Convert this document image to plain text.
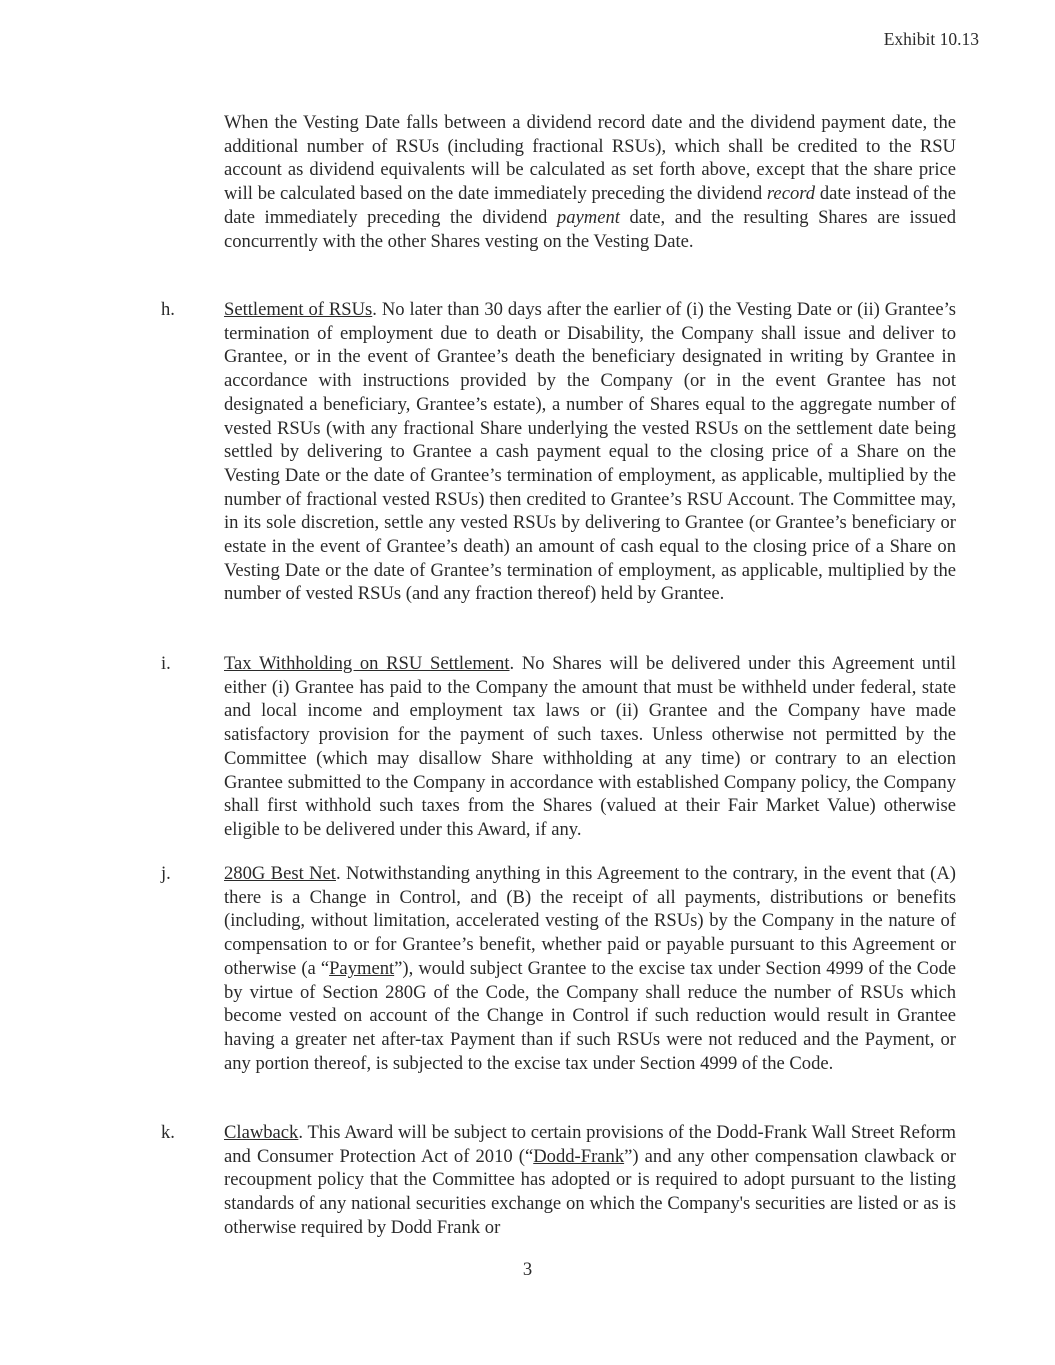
Exhibit 10.13

When the Vesting Date falls between a dividend record date and the dividend payment date, the additional number of RSUs (including fractional RSUs), which shall be credited to the RSU account as dividend equivalents will be calculated as set forth above, except that the share price will be calculated based on the date immediately preceding the dividend record date instead of the date immediately preceding the dividend payment date, and the resulting Shares are issued concurrently with the other Shares vesting on the Vesting Date.

h.	Settlement of RSUs. No later than 30 days after the earlier of (i) the Vesting Date or (ii) Grantee’s termination of employment due to death or Disability, the Company shall issue and deliver to Grantee, or in the event of Grantee’s death the beneficiary designated in writing by Grantee in accordance with instructions provided by the Company (or in the event Grantee has not designated a beneficiary, Grantee’s estate), a number of Shares equal to the aggregate number of vested RSUs (with any fractional Share underlying the vested RSUs on the settlement date being settled by delivering to Grantee a cash payment equal to the closing price of a Share on the Vesting Date or the date of Grantee’s termination of employment, as applicable, multiplied by the number of fractional vested RSUs) then credited to Grantee’s RSU Account. The Committee may, in its sole discretion, settle any vested RSUs by delivering to Grantee (or Grantee’s beneficiary or estate in the event of Grantee’s death) an amount of cash equal to the closing price of a Share on Vesting Date or the date of Grantee’s termination of employment, as applicable, multiplied by the number of vested RSUs (and any fraction thereof) held by Grantee.

i.	Tax Withholding on RSU Settlement. No Shares will be delivered under this Agreement until either (i) Grantee has paid to the Company the amount that must be withheld under federal, state and local income and employment tax laws or (ii) Grantee and the Company have made satisfactory provision for the payment of such taxes. Unless otherwise not permitted by the Committee (which may disallow Share withholding at any time) or contrary to an election Grantee submitted to the Company in accordance with established Company policy, the Company shall first withhold such taxes from the Shares (valued at their Fair Market Value) otherwise eligible to be delivered under this Award, if any.

j.	280G Best Net. Notwithstanding anything in this Agreement to the contrary, in the event that (A) there is a Change in Control, and (B) the receipt of all payments, distributions or benefits (including, without limitation, accelerated vesting of the RSUs) by the Company in the nature of compensation to or for Grantee’s benefit, whether paid or payable pursuant to this Agreement or otherwise (a “Payment”), would subject Grantee to the excise tax under Section 4999 of the Code by virtue of Section 280G of the Code, the Company shall reduce the number of RSUs which become vested on account of the Change in Control if such reduction would result in Grantee having a greater net after-tax Payment than if such RSUs were not reduced and the Payment, or any portion thereof, is subjected to the excise tax under Section 4999 of the Code.

k.	Clawback. This Award will be subject to certain provisions of the Dodd-Frank Wall Street Reform and Consumer Protection Act of 2010 (“Dodd-Frank”) and any other compensation clawback or recoupment policy that the Committee has adopted or is required to adopt pursuant to the listing standards of any national securities exchange on which the Company's securities are listed or as is otherwise required by Dodd Frank or

3
